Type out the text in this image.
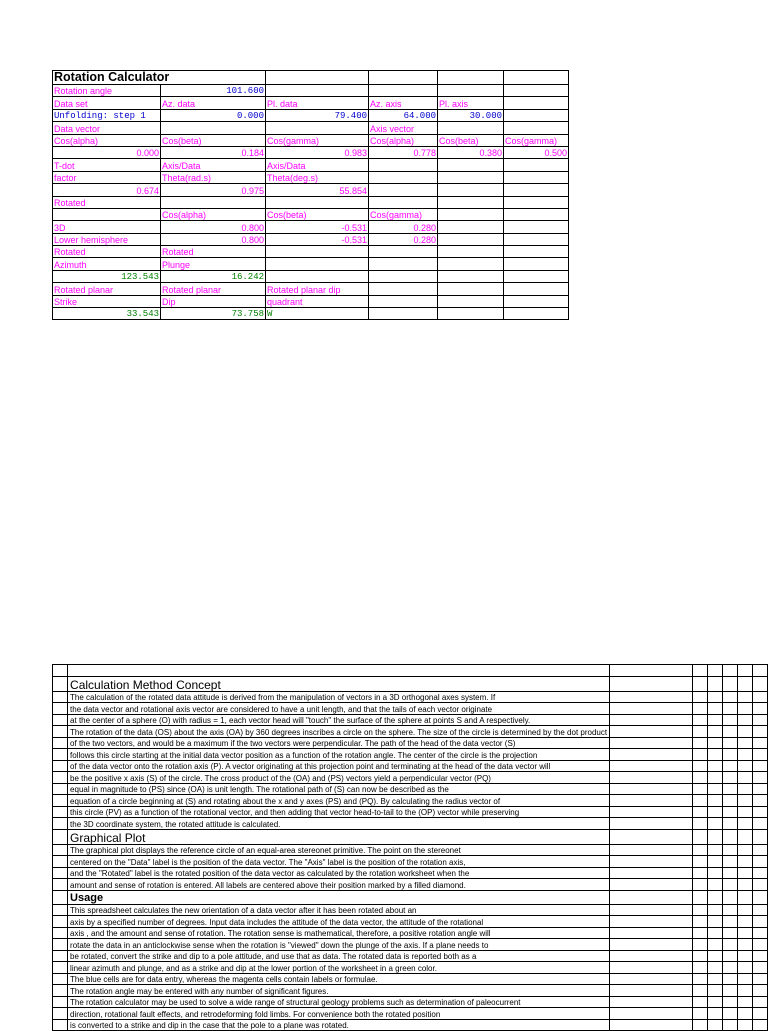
Rotation Calculator					
Rotation angle	101.600				
Data set	Az. data	Pl. data	Az. axis	Pl. axis	
Unfolding: step 1	0.000	79.400	64.000	30.000	
Data vector			Axis vector		
Cos(alpha)	Cos(beta)	Cos(gamma)	Cos(alpha)	Cos(beta)	Cos(gamma)
0.000	0.184	0.983	0.778	0.380	0.500
T-dot	Axis/Data	Axis/Data			
factor	Theta(rad.s)	Theta(deg.s)			
0.674	0.975	55.854			
Rotated					
	Cos(alpha)	Cos(beta)	Cos(gamma)		
3D	0.800	-0.531	0.280		
Lower hemisphere	0.800	-0.531	0.280		
Rotated	Rotated				
Azimuth	Plunge				
123.543	16.242				
Rotated planar	Rotated planar	Rotated planar dip			
Strike	Dip	quadrant			
33.543	73.758	W			

	Calculation Method Concept						
	The calculation of the rotated data attitude is derived from the manipulation of vectors in a 3D orthogonal axes system. If						
	the data vector and rotational axis vector are considered to have a unit length, and that the tails of each vector originate						
	at the center of a sphere (O) with radius = 1, each vector head will "touch" the surface of the sphere at points S and A respectively.						
	The rotation of the data (OS) about the axis (OA) by 360 degrees inscribes a circle on the sphere. The size of the circle is determined by the dot product						
	of the two vectors, and would be a maximum if the two vectors were perpendicular. The path of the head of the data vector (S)						
	follows this circle starting at the initial data vector position as a function of the rotation angle. The center of the circle is the projection						
	of the data vector onto the rotation axis (P). A vector originating at this projection point and terminating at the head of the data vector will						
	be the positive x axis (S) of the circle. The cross product of the (OA) and (PS) vectors yield a perpendicular vector (PQ)						
	equal in magnitude to (PS) since (OA) is unit length. The rotational path of (S) can now be described as the						
	equation of a circle beginning at (S) and rotating about the x and y axes (PS) and (PQ). By calculating the radius vector of						
	this circle (PV) as a function of the rotational vector, and then adding that vector head-to-tail to the (OP) vector while preserving						
	the 3D coordinate system, the rotated attitude is calculated.						
	Graphical Plot						
	The graphical plot displays the reference circle of an equal-area stereonet primitive. The point on the stereonet						
	centered on the "Data" label is the position of the data vector. The "Axis" label is the position of the rotation axis,						
	and the "Rotated" label is the rotated position of the data vector as calculated by the rotation worksheet when the						
	amount and sense of rotation is entered. All labels are centered above their position marked by a filled diamond.						
	Usage						
	This spreadsheet calculates the new orientation of a data vector after it has been rotated about an						
	axis by a specified number of degrees. Input data includes the attitude of the data vector, the attitude of the rotational						
	axis , and the amount and sense of rotation. The rotation sense is mathematical, therefore, a positive rotation angle will						
	rotate the data in an anticlockwise sense when the rotation is "viewed" down the plunge of the axis. If a plane needs to						
	be rotated, convert the strike and dip to a pole attitude, and use that as data. The rotated data is reported both as a						
	linear azimuth and plunge, and as a strike and dip at the lower portion of the worksheet in a green color.						
	The blue cells are for data entry, whereas the magenta cells contain labels or formulae.						
	The rotation angle may be entered with any number of significant figures.						
	The rotation calculator may be used to solve a wide range of structural geology problems such as determination of paleocurrent						
	direction, rotational fault effects, and retrodeforming fold limbs. For convenience both the rotated position						
	is converted to a strike and dip in the case that the pole to a plane was rotated.						
